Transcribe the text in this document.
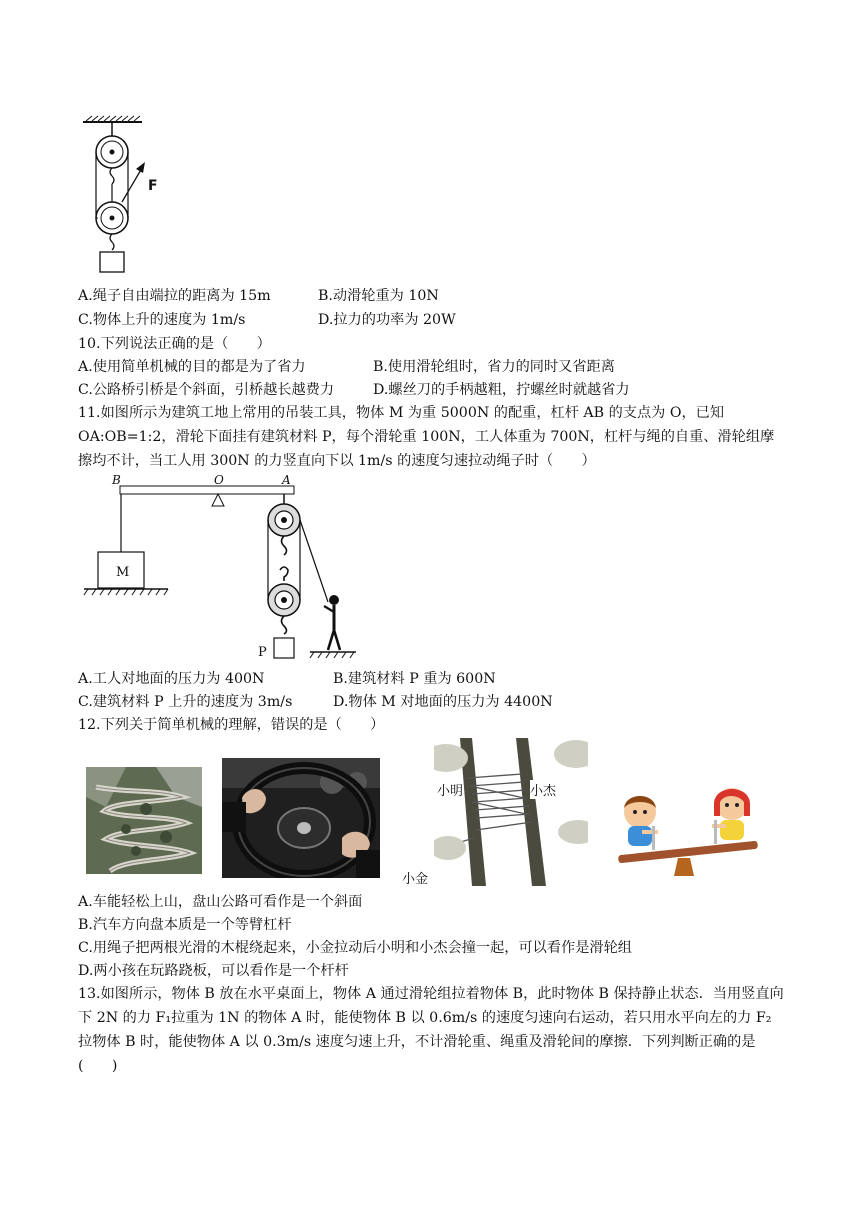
F
A.绳子自由端拉的距离为 15m	B.动滑轮重为 10N
C.物体上升的速度为 1m/s	D.拉力的功率为 20W
10.下列说法正确的是（　　）
A.使用简单机械的目的都是为了省力	B.使用滑轮组时，省力的同时又省距离
C.公路桥引桥是个斜面，引桥越长越费力	D.螺丝刀的手柄越粗，拧螺丝时就越省力
11.如图所示为建筑工地上常用的吊装工具，物体 M 为重 5000N 的配重，杠杆 AB 的支点为 O，已知 OA:OB=1:2，滑轮下面挂有建筑材料 P，每个滑轮重 100N，工人体重为 700N，杠杆与绳的自重、滑轮组摩擦均不计，当工人用 300N 的力竖直向下以 1m/s 的速度匀速拉动绳子时（　　）
B	O	A
M
P
A.工人对地面的压力为 400N	B.建筑材料 P 重为 600N
C.建筑材料 P 上升的速度为 3m/s	D.物体 M 对地面的压力为 4400N
12.下列关于简单机械的理解，错误的是（　　）
小明	小杰
小金
A.车能轻松上山，盘山公路可看作是一个斜面
B.汽车方向盘本质是一个等臂杠杆
C.用绳子把两根光滑的木棍绕起来，小金拉动后小明和小杰会撞一起，可以看作是滑轮组
D.两小孩在玩路跷板，可以看作是一个杆杆
13.如图所示，物体 B 放在水平桌面上，物体 A 通过滑轮组拉着物体 B，此时物体 B 保持静止状态．当用竖直向下 2N 的力 F₁拉重为 1N 的物体 A 时，能使物体 B 以 0.6m/s 的速度匀速向右运动，若只用水平向左的力 F₂拉物体 B 时，能使物体 A 以 0.3m/s 速度匀速上升，不计滑轮重、绳重及滑轮间的摩擦．下列判断正确的是(　　)
